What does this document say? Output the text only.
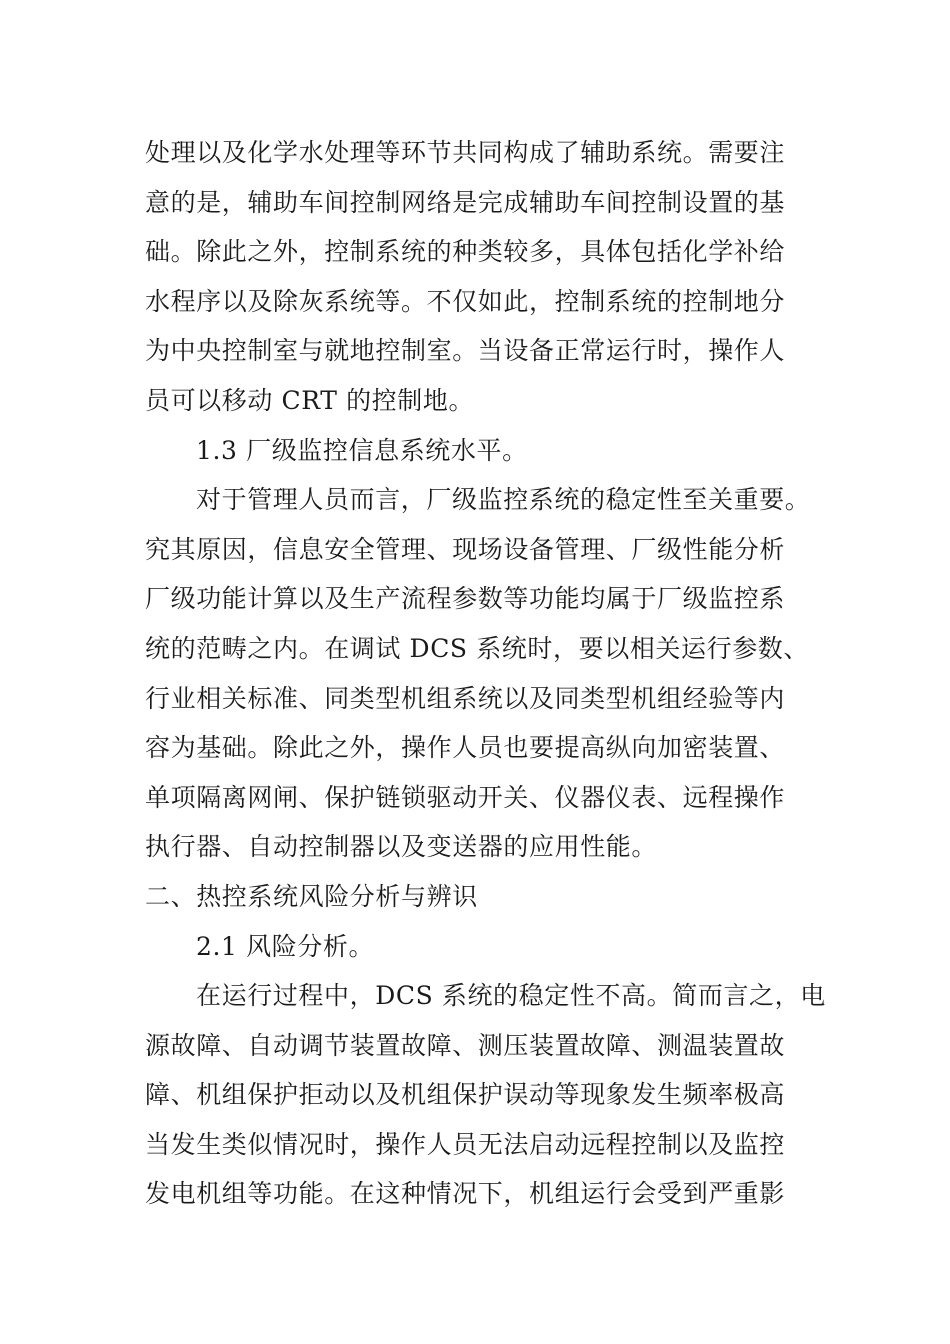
处理以及化学水处理等环节共同构成了辅助系统。需要注
意的是，辅助车间控制网络是完成辅助车间控制设置的基
础。除此之外，控制系统的种类较多，具体包括化学补给
水程序以及除灰系统等。不仅如此，控制系统的控制地分
为中央控制室与就地控制室。当设备正常运行时，操作人
员可以移动 CRT 的控制地。
1.3 厂级监控信息系统水平。
对于管理人员而言，厂级监控系统的稳定性至关重要。
究其原因，信息安全管理、现场设备管理、厂级性能分析
厂级功能计算以及生产流程参数等功能均属于厂级监控系
统的范畴之内。在调试 DCS 系统时，要以相关运行参数、
行业相关标准、同类型机组系统以及同类型机组经验等内
容为基础。除此之外，操作人员也要提高纵向加密装置、
单项隔离网闸、保护链锁驱动开关、仪器仪表、远程操作
执行器、自动控制器以及变送器的应用性能。
二、热控系统风险分析与辨识
2.1 风险分析。
在运行过程中，DCS 系统的稳定性不高。简而言之，电
源故障、自动调节装置故障、测压装置故障、测温装置故
障、机组保护拒动以及机组保护误动等现象发生频率极高
当发生类似情况时，操作人员无法启动远程控制以及监控
发电机组等功能。在这种情况下，机组运行会受到严重影
